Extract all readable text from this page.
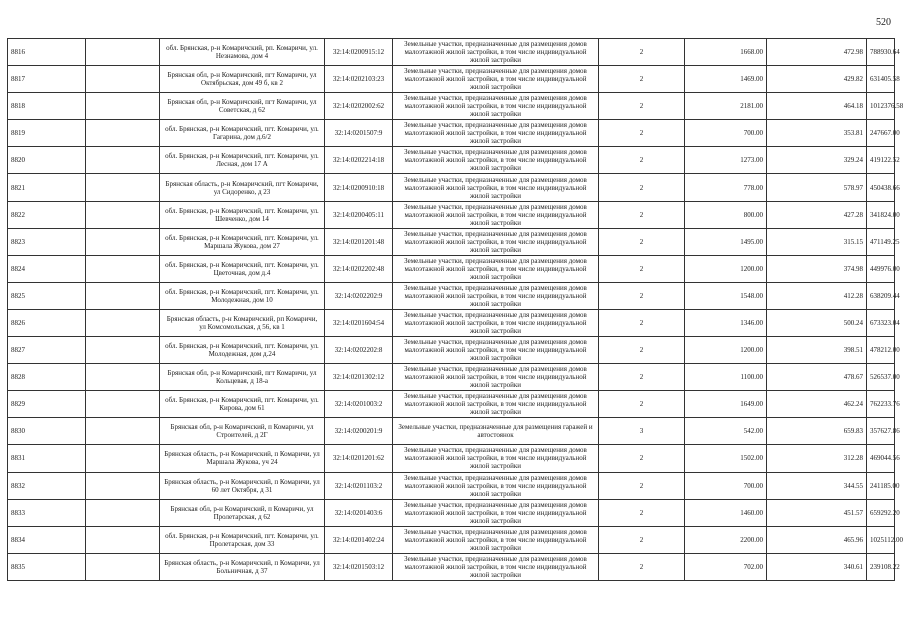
520
8816		обл. Брянская, р-н Комаричский, рп. Комаричи, ул. Незнамова, дом 4	32:14:0200915:12	Земельные участки, предназначенные для размещения домов малоэтажной жилой застройки, в том числе индивидуальной жилой застройки	2	1668.00	472.98	788930.64
8817		Брянская обл, р-н Комаричский, пгт Комаричи, ул Октябрьская, дом 49 б, кв 2	32:14:0202103:23	Земельные участки, предназначенные для размещения домов малоэтажной жилой застройки, в том числе индивидуальной жилой застройки	2	1469.00	429.82	631405.58
8818		Брянская обл, р-н Комаричский, пгт Комаричи, ул Советская, д 62	32:14:0202002:62	Земельные участки, предназначенные для размещения домов малоэтажной жилой застройки, в том числе индивидуальной жилой застройки	2	2181.00	464.18	1012376.58
8819		обл. Брянская, р-н Комаричский, пгт. Комаричи, ул. Гагарина, дом д.6/2	32:14:0201507:9	Земельные участки, предназначенные для размещения домов малоэтажной жилой застройки, в том числе индивидуальной жилой застройки	2	700.00	353.81	247667.00
8820		обл. Брянская, р-н Комаричский, пгт. Комаричи, ул. Лесная, дом 17 А	32:14:0202214:18	Земельные участки, предназначенные для размещения домов малоэтажной жилой застройки, в том числе индивидуальной жилой застройки	2	1273.00	329.24	419122.52
8821		Брянская область, р-н Комаричский, пгт Комаричи, ул Сидоренко, д 23	32:14:0200910:18	Земельные участки, предназначенные для размещения домов малоэтажной жилой застройки, в том числе индивидуальной жилой застройки	2	778.00	578.97	450438.66
8822		обл. Брянская, р-н Комаричский, пгт. Комаричи, ул. Шевченко, дом 14	32:14:0200405:11	Земельные участки, предназначенные для размещения домов малоэтажной жилой застройки, в том числе индивидуальной жилой застройки	2	800.00	427.28	341824.00
8823		обл. Брянская, р-н Комаричский, пгт. Комаричи, ул. Маршала Жукова, дом 27	32:14:0201201:48	Земельные участки, предназначенные для размещения домов малоэтажной жилой застройки, в том числе индивидуальной жилой застройки	2	1495.00	315.15	471149.25
8824		обл. Брянская, р-н Комаричский, пгт. Комаричи, ул. Цветочная, дом д.4	32:14:0202202:48	Земельные участки, предназначенные для размещения домов малоэтажной жилой застройки, в том числе индивидуальной жилой застройки	2	1200.00	374.98	449976.00
8825		обл. Брянская, р-н Комаричский, пгт. Комаричи, ул. Молодежная, дом 10	32:14:0202202:9	Земельные участки, предназначенные для размещения домов малоэтажной жилой застройки, в том числе индивидуальной жилой застройки	2	1548.00	412.28	638209.44
8826		Брянская область, р-н Комаричский, рп Комаричи, ул Комсомольская, д 56, кв 1	32:14:0201604:54	Земельные участки, предназначенные для размещения домов малоэтажной жилой застройки, в том числе индивидуальной жилой застройки	2	1346.00	500.24	673323.04
8827		обл. Брянская, р-н Комаричский, пгт. Комаричи, ул. Молодежная, дом д.24	32:14:0202202:8	Земельные участки, предназначенные для размещения домов малоэтажной жилой застройки, в том числе индивидуальной жилой застройки	2	1200.00	398.51	478212.00
8828		Брянская обл, р-н Комаричский, пгт Комаричи, ул Кольцевая, д 18-а	32:14:0201302:12	Земельные участки, предназначенные для размещения домов малоэтажной жилой застройки, в том числе индивидуальной жилой застройки	2	1100.00	478.67	526537.00
8829		обл. Брянская, р-н Комаричский, пгт. Комаричи, ул. Кирова, дом 61	32:14:0201003:2	Земельные участки, предназначенные для размещения домов малоэтажной жилой застройки, в том числе индивидуальной жилой застройки	2	1649.00	462.24	762233.76
8830		Брянская обл, р-н Комаричский, п Комаричи, ул Строителей, д 2Г	32:14:0200201:9	Земельные участки, предназначенные для размещения гаражей и автостоянок	3	542.00	659.83	357627.86
8831		Брянская область, р-н Комаричский, п Комаричи, ул Маршала Жукова, уч 24	32:14:0201201:62	Земельные участки, предназначенные для размещения домов малоэтажной жилой застройки, в том числе индивидуальной жилой застройки	2	1502.00	312.28	469044.56
8832		Брянская область, р-н Комаричский, п Комаричи, ул 60 лет Октября, д 31	32:14:0201103:2	Земельные участки, предназначенные для размещения домов малоэтажной жилой застройки, в том числе индивидуальной жилой застройки	2	700.00	344.55	241185.00
8833		Брянская обл, р-н Комаричский, п Комаричи, ул Пролетарская, д 62	32:14:0201403:6	Земельные участки, предназначенные для размещения домов малоэтажной жилой застройки, в том числе индивидуальной жилой застройки	2	1460.00	451.57	659292.20
8834		обл. Брянская, р-н Комаричский, пгт. Комаричи, ул. Пролетарская, дом 33	32:14:0201402:24	Земельные участки, предназначенные для размещения домов малоэтажной жилой застройки, в том числе индивидуальной жилой застройки	2	2200.00	465.96	1025112.00
8835		Брянская область, р-н Комаричский, п Комаричи, ул Больничная, д 37	32:14:0201503:12	Земельные участки, предназначенные для размещения домов малоэтажной жилой застройки, в том числе индивидуальной жилой застройки	2	702.00	340.61	239108.22
